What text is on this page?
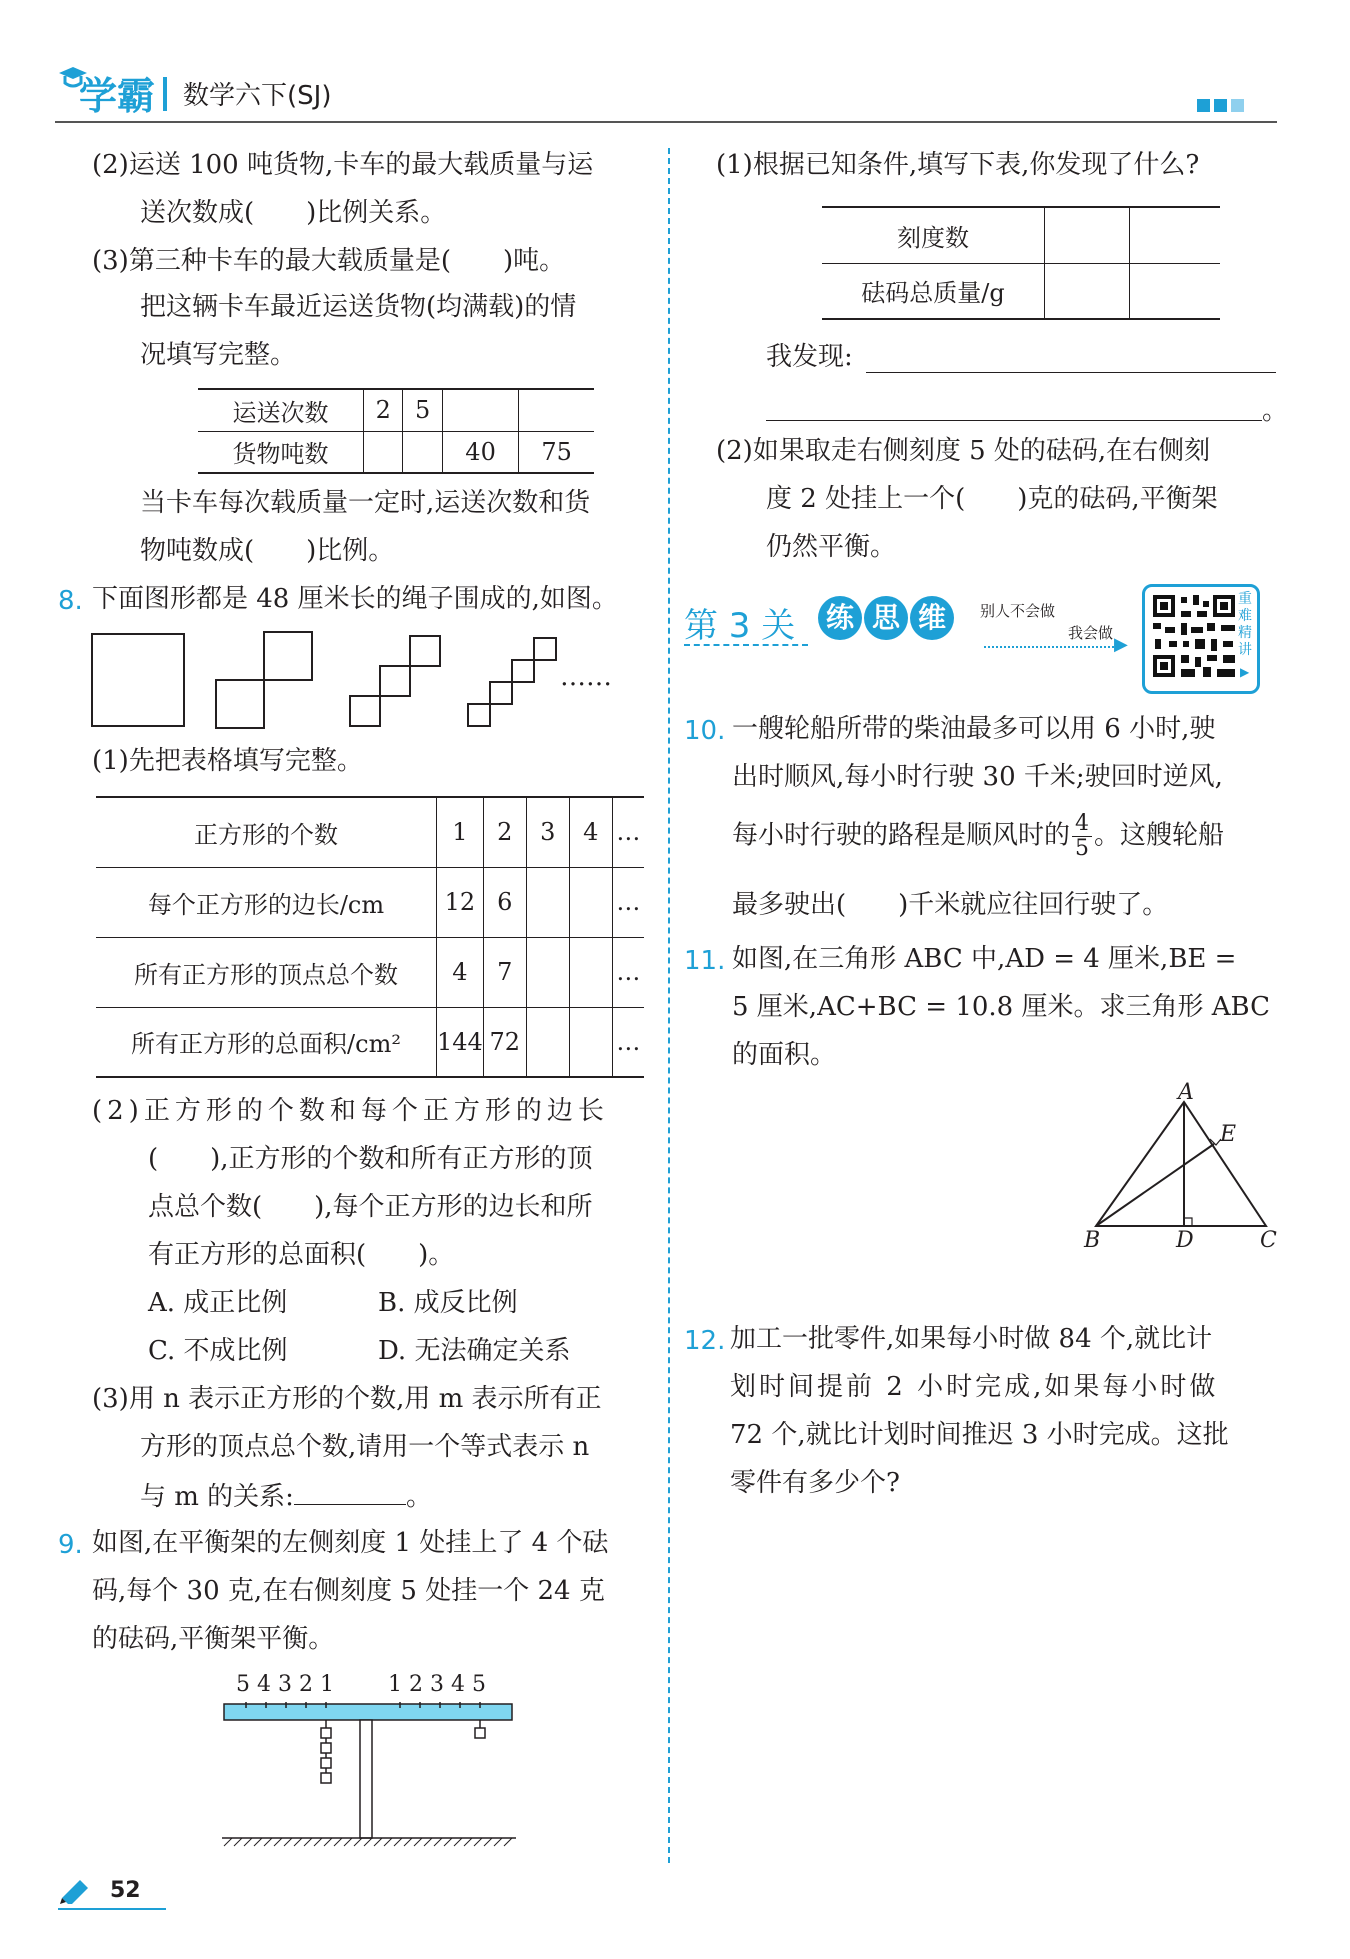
学霸 数学六下(SJ)
(2)运送 100 吨货物,卡车的最大载质量与运
送次数成(　　)比例关系。
(3)第三种卡车的最大载质量是(　　)吨。
把这辆卡车最近运送货物(均满载)的情
况填写完整。
运送次数	2	5		
货物吨数			40	75
当卡车每次载质量一定时,运送次数和货
物吨数成(　　)比例。
8. 下面图形都是 48 厘米长的绳子围成的,如图。
……
(1)先把表格填写完整。
正方形的个数	1	2	3	4	…
每个正方形的边长/cm	12	6			…
所有正方形的顶点总个数	4	7			…
所有正方形的总面积/cm²	144	72			…
(2)正方形的个数和每个正方形的边长
(　　),正方形的个数和所有正方形的顶
点总个数(　　),每个正方形的边长和所
有正方形的总面积(　　)。
A. 成正比例	B. 成反比例
C. 不成比例	D. 无法确定关系
(3)用 n 表示正方形的个数,用 m 表示所有正
方形的顶点总个数,请用一个等式表示 n
与 m 的关系:	。
9. 如图,在平衡架的左侧刻度 1 处挂上了 4 个砝
码,每个 30 克,在右侧刻度 5 处挂一个 24 克
的砝码,平衡架平衡。
5 4 3 2 1 1 2 3 4 5
(1)根据已知条件,填写下表,你发现了什么?
刻度数		
砝码总质量/g		
我发现:
。
(2)如果取走右侧刻度 5 处的砝码,在右侧刻
度 2 处挂上一个(　　)克的砝码,平衡架
仍然平衡。
第 3 关 练 思 维	别人不会做
我会做
▶
重难精讲
▶
10. 一艘轮船所带的柴油最多可以用 6 小时,驶
出时顺风,每小时行驶 30 千米;驶回时逆风,
每小时行驶的路程是顺风时的 $\frac{4}{5}$ 。这艘轮船
最多驶出(　　)千米就应往回行驶了。
11. 如图,在三角形 ABC 中,AD = 4 厘米,BE =
5 厘米,AC+BC = 10.8 厘米。求三角形 ABC
的面积。
A
E
B	D	C
12. 加工一批零件,如果每小时做 84 个,就比计
划时间提前 2 小时完成,如果每小时做
72 个,就比计划时间推迟 3 小时完成。这批
零件有多少个?
52
